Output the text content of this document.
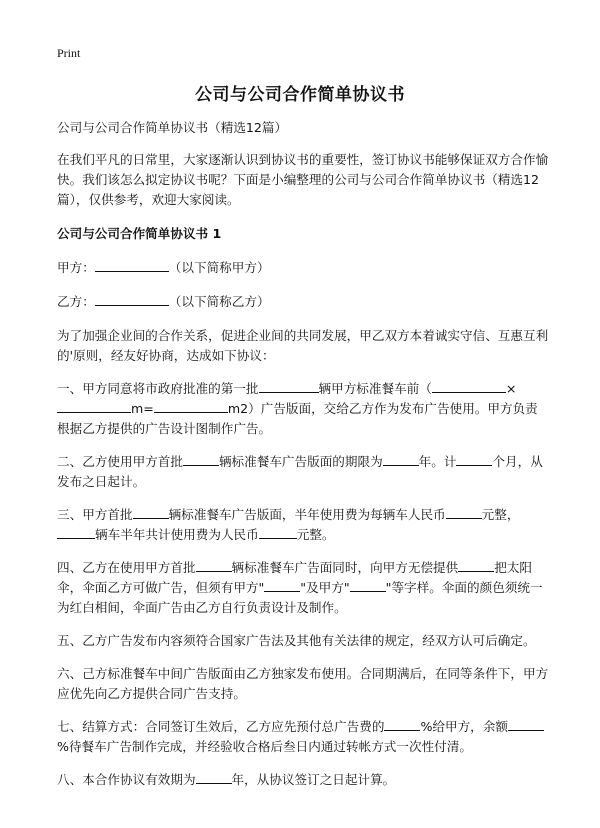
Print
公司与公司合作简单协议书

公司与公司合作简单协议书（精选12篇）

在我们平凡的日常里，大家逐渐认识到协议书的重要性，签订协议书能够保证双方合作愉快。我们该怎么拟定协议书呢？下面是小编整理的公司与公司合作简单协议书（精选12篇），仅供参考，欢迎大家阅读。

公司与公司合作简单协议书 1

甲方：	（以下简称甲方）

乙方：	（以下简称乙方）

为了加强企业间的合作关系，促进企业间的共同发展，甲乙双方本着诚实守信、互惠互利的'原则，经友好协商，达成如下协议：

一、甲方同意将市政府批准的第一批	辆甲方标准餐车前（	×m=	m2）广告版面，交给乙方作为发布广告使用。甲方负责根据乙方提供的广告设计图制作广告。

二、乙方使用甲方首批	辆标准餐车广告版面的期限为	年。计	个月，从发布之日起计。

三、甲方首批	辆标准餐车广告版面，半年使用费为每辆车人民币	元整，辆车半年共计使用费为人民币	元整。

四、乙方在使用甲方首批	辆标准餐车广告面同时，向甲方无偿提供	把太阳伞，伞面乙方可做广告，但须有甲方"	"及甲方"	"等字样。伞面的颜色须统一为红白相间，伞面广告由乙方自行负责设计及制作。

五、乙方广告发布内容须符合国家广告法及其他有关法律的规定，经双方认可后确定。

六、己方标准餐车中间广告版面由乙方独家发布使用。合同期满后，在同等条件下，甲方应优先向乙方提供合同广告支持。

七、结算方式：合同签订生效后，乙方应先预付总广告费的	%给甲方，余额%待餐车广告制作完成，并经验收合格后叁日内通过转帐方式一次性付清。

八、本合作协议有效期为	年，从协议签订之日起计算。
